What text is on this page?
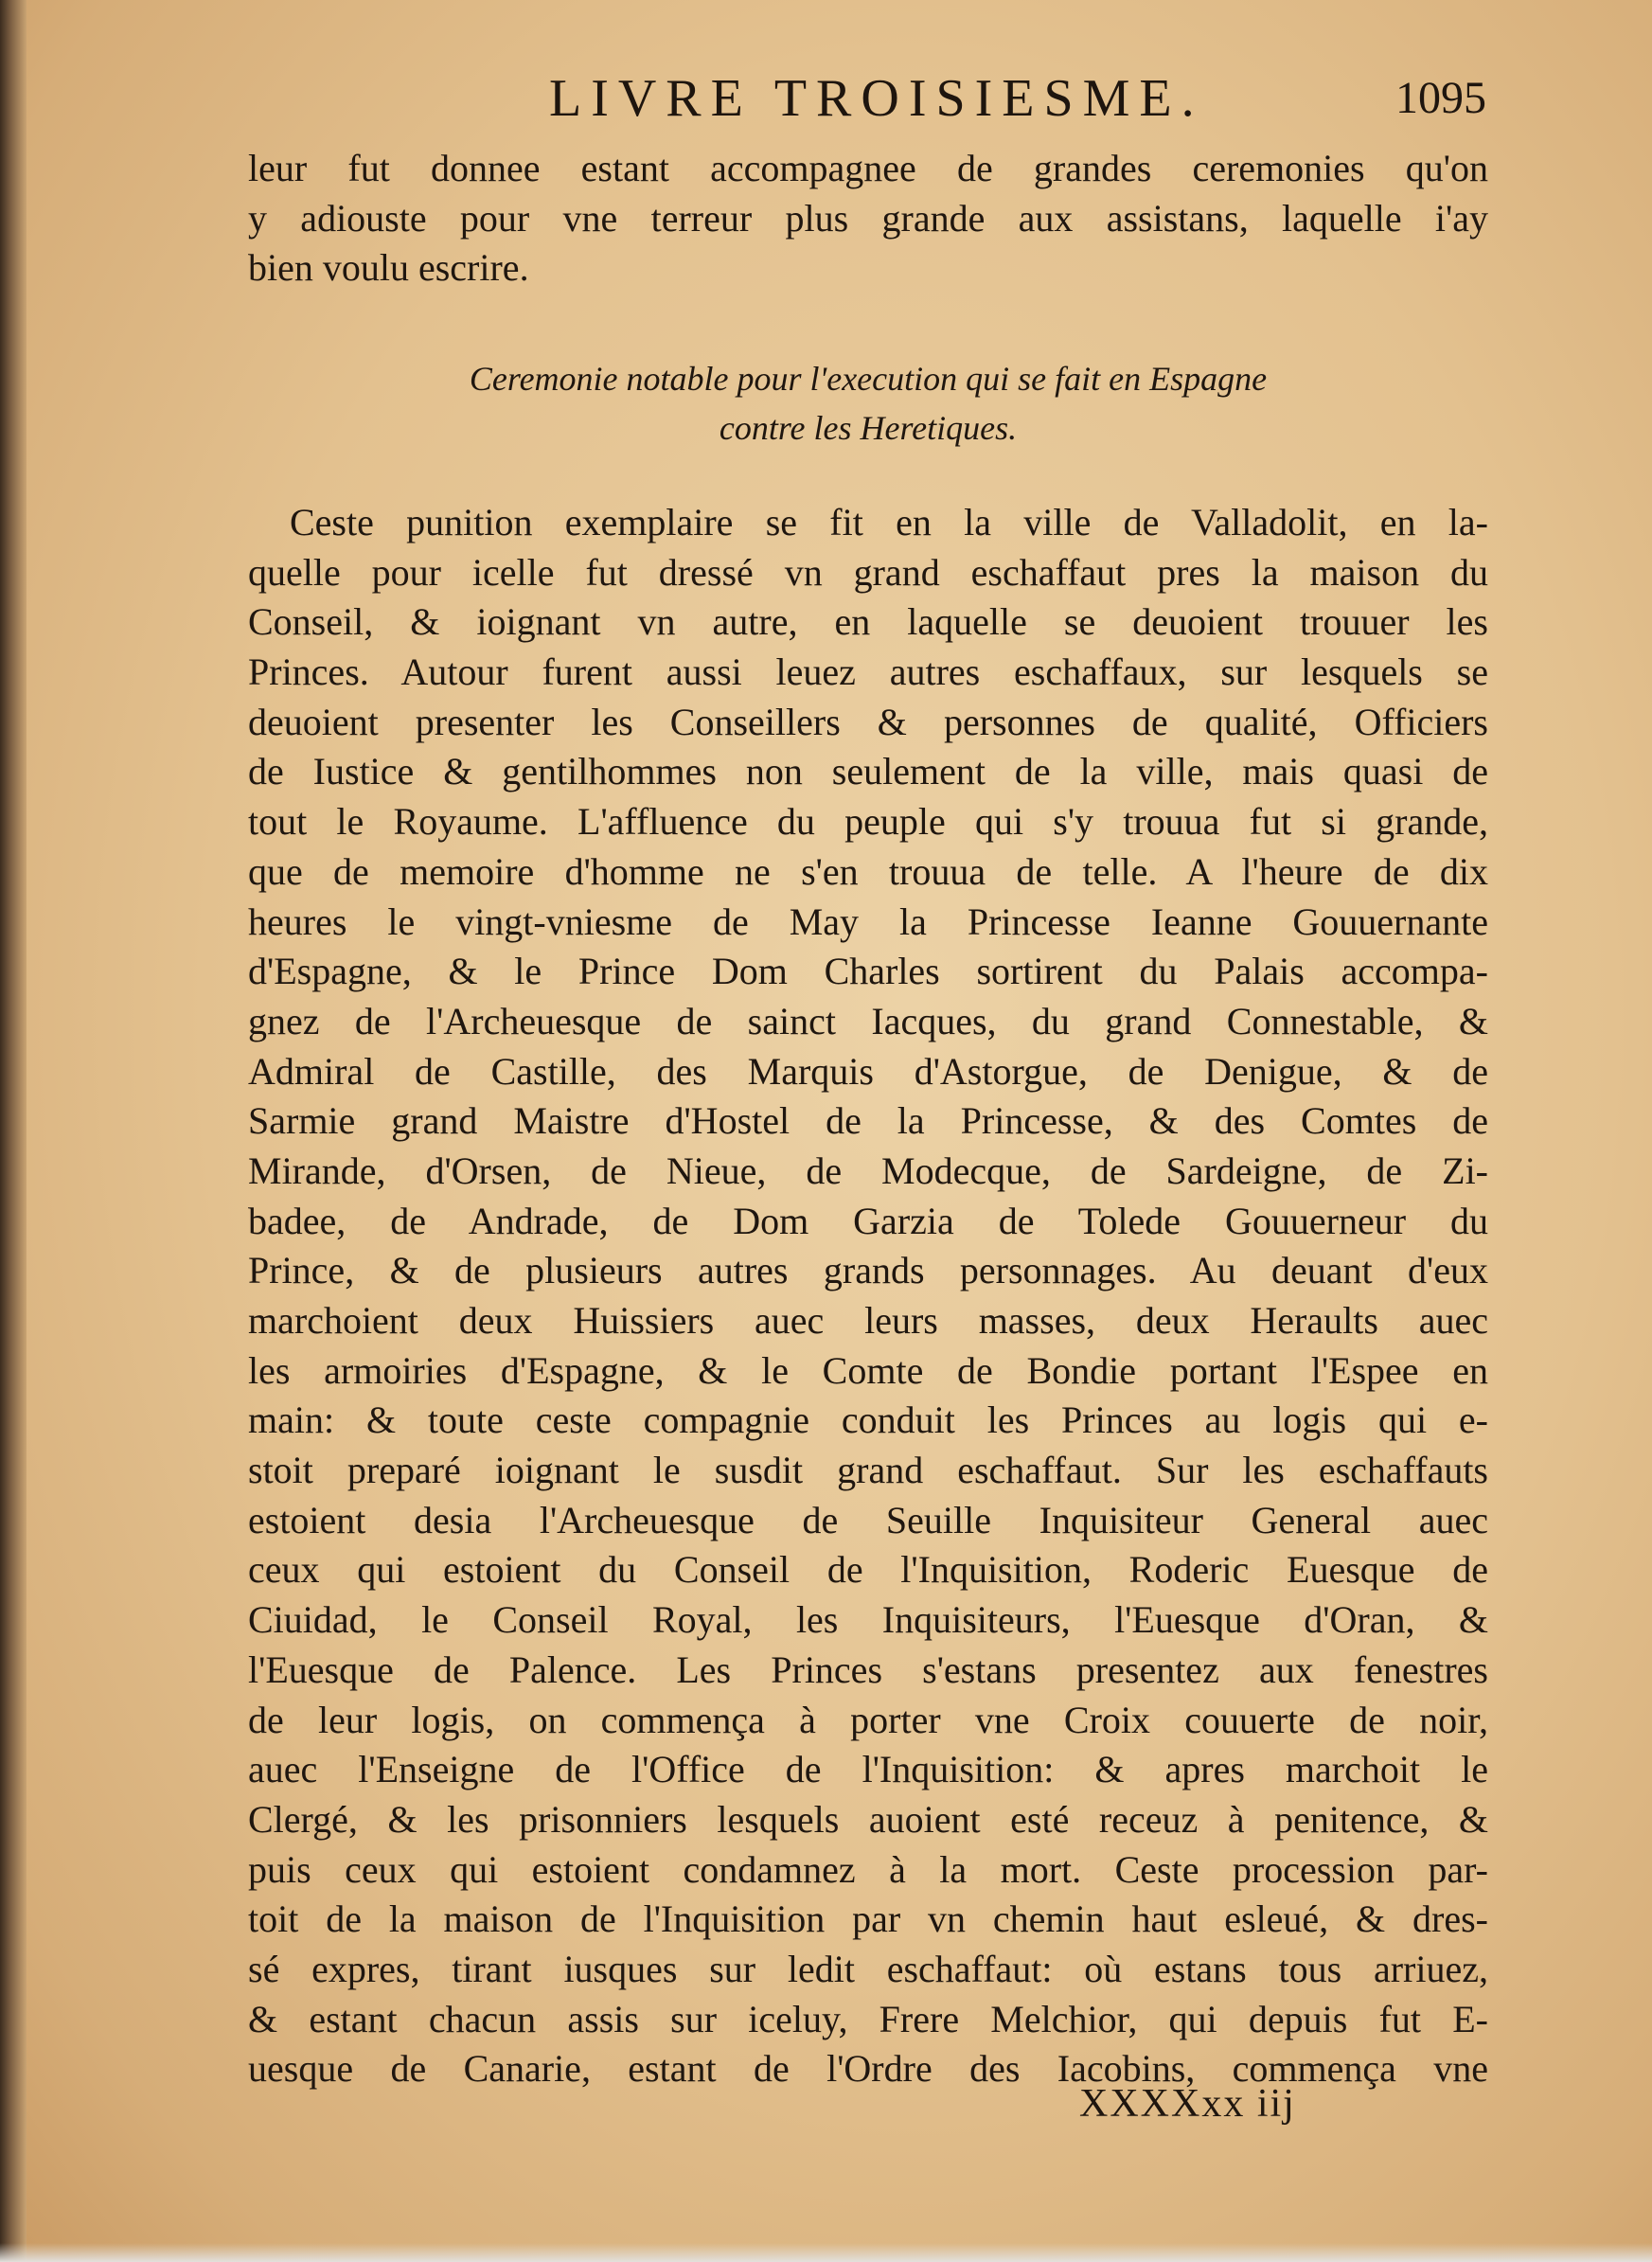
LIVRE TROISIESME.	1095
leur fut donnee estant accompagnee de grandes ceremonies qu'on
y adiouste pour vne terreur plus grande aux assistans, laquelle i'ay
bien voulu escrire.
Ceremonie notable pour l'execution qui se fait en Espagne
contre les Heretiques.
Ceste punition exemplaire se fit en la ville de Valladolit, en la-
quelle pour icelle fut dressé vn grand eschaffaut pres la maison du
Conseil, & ioignant vn autre, en laquelle se deuoient trouuer les
Princes. Autour furent aussi leuez autres eschaffaux, sur lesquels se
deuoient presenter les Conseillers & personnes de qualité, Officiers
de Iustice & gentilhommes non seulement de la ville, mais quasi de
tout le Royaume. L'affluence du peuple qui s'y trouua fut si grande,
que de memoire d'homme ne s'en trouua de telle. A l'heure de dix
heures le vingt-vniesme de May la Princesse Ieanne Gouuernante
d'Espagne, & le Prince Dom Charles sortirent du Palais accompa-
gnez de l'Archeuesque de sainct Iacques, du grand Connestable, &
Admiral de Castille, des Marquis d'Astorgue, de Denigue, & de
Sarmie grand Maistre d'Hostel de la Princesse, & des Comtes de
Mirande, d'Orsen, de Nieue, de Modecque, de Sardeigne, de Zi-
badee, de Andrade, de Dom Garzia de Tolede Gouuerneur du
Prince, & de plusieurs autres grands personnages. Au deuant d'eux
marchoient deux Huissiers auec leurs masses, deux Heraults auec
les armoiries d'Espagne, & le Comte de Bondie portant l'Espee en
main: & toute ceste compagnie conduit les Princes au logis qui e-
stoit preparé ioignant le susdit grand eschaffaut. Sur les eschaffauts
estoient desia l'Archeuesque de Seuille Inquisiteur General auec
ceux qui estoient du Conseil de l'Inquisition, Roderic Euesque de
Ciuidad, le Conseil Royal, les Inquisiteurs, l'Euesque d'Oran, &
l'Euesque de Palence. Les Princes s'estans presentez aux fenestres
de leur logis, on commença à porter vne Croix couuerte de noir,
auec l'Enseigne de l'Office de l'Inquisition: & apres marchoit le
Clergé, & les prisonniers lesquels auoient esté receuz à penitence, &
puis ceux qui estoient condamnez à la mort. Ceste procession par-
toit de la maison de l'Inquisition par vn chemin haut esleué, & dres-
sé expres, tirant iusques sur ledit eschaffaut: où estans tous arriuez,
& estant chacun assis sur iceluy, Frere Melchior, qui depuis fut E-
uesque de Canarie, estant de l'Ordre des Iacobins, commença vne
XXXXxx iij
